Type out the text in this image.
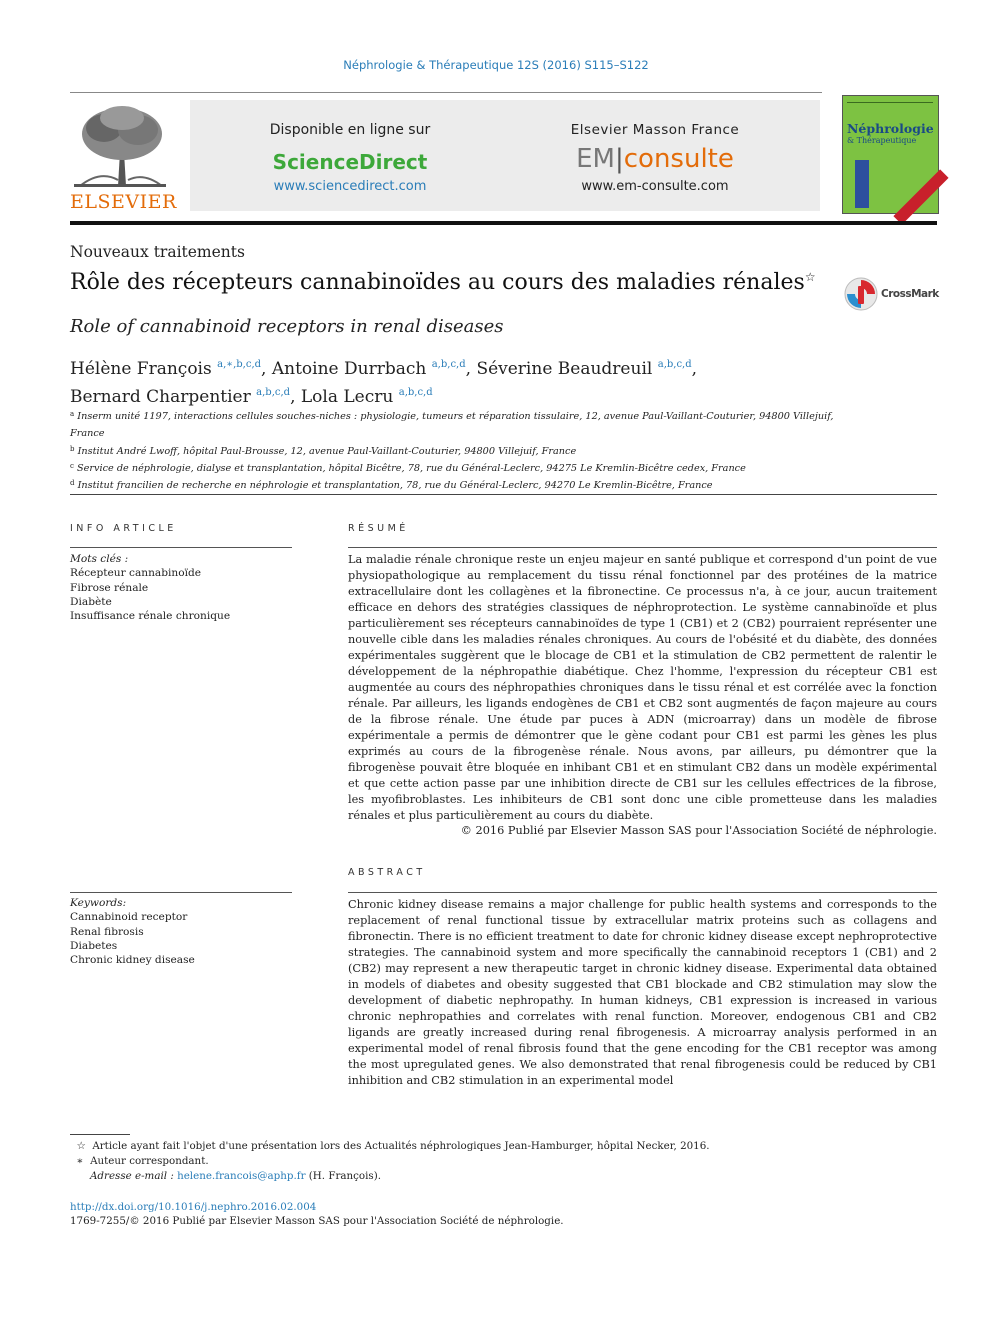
Néphrologie & Thérapeutique 12S (2016) S115–S122
ELSEVIER
Disponible en ligne sur
ScienceDirect
www.sciencedirect.com
Elsevier Masson France
EM|consulte
www.em-consulte.com
Néphrologie
& Thérapeutique
Nouveaux traitements
Rôle des récepteurs cannabinoïdes au cours des maladies rénales☆
CrossMark
Role of cannabinoid receptors in renal diseases
Hélène François $^{a,∗,b,c,d}$, Antoine Durrbach $^{a,b,c,d}$, Séverine Beaudreuil $^{a,b,c,d}$,
Bernard Charpentier $^{a,b,c,d}$, Lola Lecru $^{a,b,c,d}$
$^a$ Inserm unité 1197, interactions cellules souches-niches : physiologie, tumeurs et réparation tissulaire, 12, avenue Paul-Vaillant-Couturier, 94800 Villejuif,
France
$^b$ Institut André Lwoff, hôpital Paul-Brousse, 12, avenue Paul-Vaillant-Couturier, 94800 Villejuif, France
$^c$ Service de néphrologie, dialyse et transplantation, hôpital Bicêtre, 78, rue du Général-Leclerc, 94275 Le Kremlin-Bicêtre cedex, France
$^d$ Institut francilien de recherche en néphrologie et transplantation, 78, rue du Général-Leclerc, 94270 Le Kremlin-Bicêtre, France
INFO ARTICLE
Mots clés :
Récepteur cannabinoïde
Fibrose rénale
Diabète
Insuffisance rénale chronique
Keywords:
Cannabinoid receptor
Renal fibrosis
Diabetes
Chronic kidney disease
RÉSUMÉ
La maladie rénale chronique reste un enjeu majeur en santé publique et correspond d'un point de vue physiopathologique au remplacement du tissu rénal fonctionnel par des protéines de la matrice extracellulaire dont les collagènes et la fibronectine. Ce processus n'a, à ce jour, aucun traitement efficace en dehors des stratégies classiques de néphroprotection. Le système cannabinoïde et plus particulièrement ses récepteurs cannabinoïdes de type 1 (CB1) et 2 (CB2) pourraient représenter une nouvelle cible dans les maladies rénales chroniques. Au cours de l'obésité et du diabète, des données expérimentales suggèrent que le blocage de CB1 et la stimulation de CB2 permettent de ralentir le développement de la néphropathie diabétique. Chez l'homme, l'expression du récepteur CB1 est augmentée au cours des néphropathies chroniques dans le tissu rénal et est corrélée avec la fonction rénale. Par ailleurs, les ligands endogènes de CB1 et CB2 sont augmentés de façon majeure au cours de la fibrose rénale. Une étude par puces à ADN (microarray) dans un modèle de fibrose expérimentale a permis de démontrer que le gène codant pour CB1 est parmi les gènes les plus exprimés au cours de la fibrogenèse rénale. Nous avons, par ailleurs, pu démontrer que la fibrogenèse pouvait être bloquée en inhibant CB1 et en stimulant CB2 dans un modèle expérimental et que cette action passe par une inhibition directe de CB1 sur les cellules effectrices de la fibrose, les myofibroblastes. Les inhibiteurs de CB1 sont donc une cible prometteuse dans les maladies rénales et plus particulièrement au cours du diabète.
© 2016 Publié par Elsevier Masson SAS pour l'Association Société de néphrologie.
ABSTRACT
Chronic kidney disease remains a major challenge for public health systems and corresponds to the replacement of renal functional tissue by extracellular matrix proteins such as collagens and fibronectin. There is no efficient treatment to date for chronic kidney disease except nephroprotective strategies. The cannabinoid system and more specifically the cannabinoid receptors 1 (CB1) and 2 (CB2) may represent a new therapeutic target in chronic kidney disease. Experimental data obtained in models of diabetes and obesity suggested that CB1 blockade and CB2 stimulation may slow the development of diabetic nephropathy. In human kidneys, CB1 expression is increased in various chronic nephropathies and correlates with renal function. Moreover, endogenous CB1 and CB2 ligands are greatly increased during renal fibrogenesis. A microarray analysis performed in an experimental model of renal fibrosis found that the gene encoding for the CB1 receptor was among the most upregulated genes. We also demonstrated that renal fibrogenesis could be reduced by CB1 inhibition and CB2 stimulation in an experimental model
☆ Article ayant fait l'objet d'une présentation lors des Actualités néphrologiques Jean-Hamburger, hôpital Necker, 2016.
∗ Auteur correspondant.
Adresse e-mail : helene.francois@aphp.fr (H. François).
http://dx.doi.org/10.1016/j.nephro.2016.02.004
1769-7255/© 2016 Publié par Elsevier Masson SAS pour l'Association Société de néphrologie.
